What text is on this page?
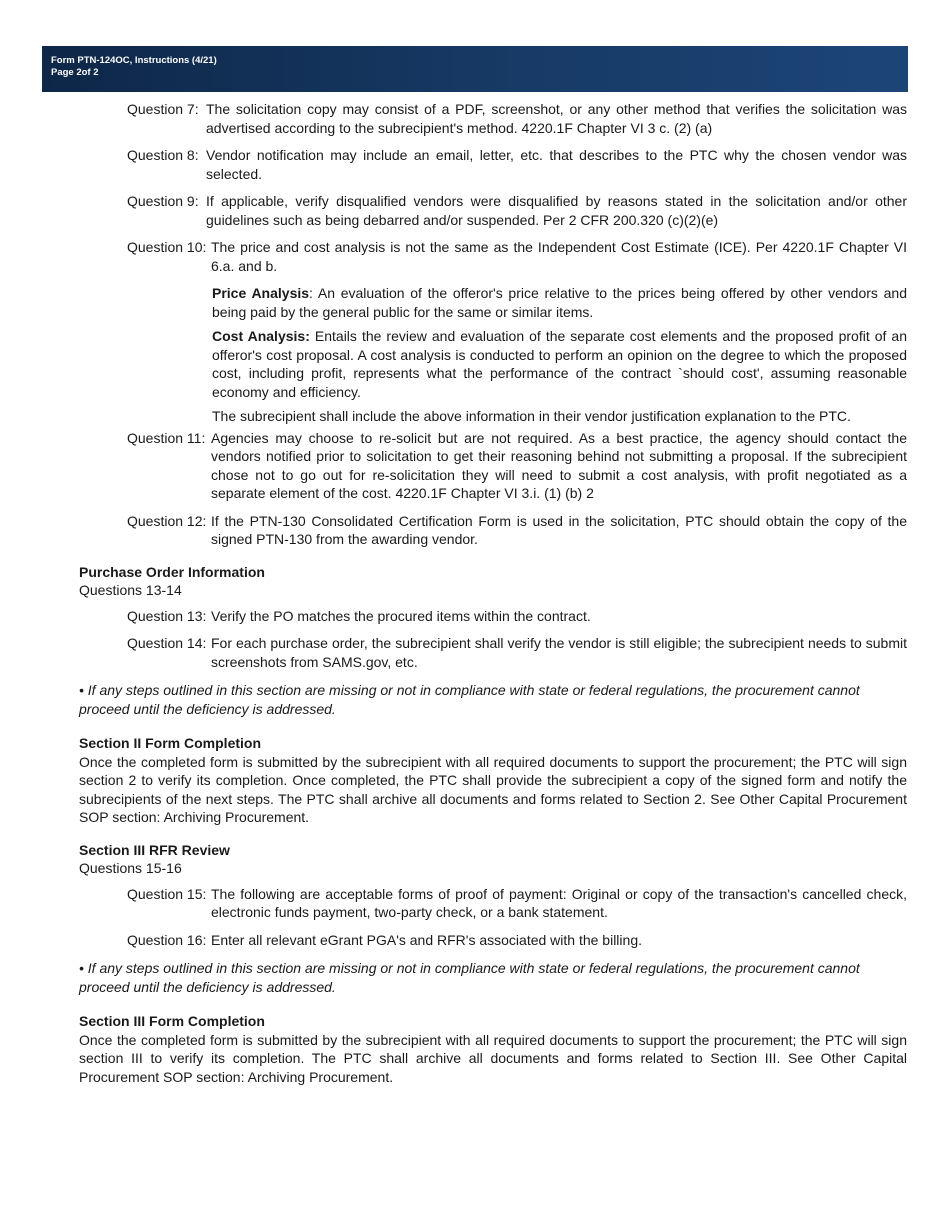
Form PTN-124OC, Instructions (4/21)
Page 2of 2
Question 7: The solicitation copy may consist of a PDF, screenshot, or any other method that verifies the solicitation was advertised according to the subrecipient's method. 4220.1F Chapter VI 3 c. (2) (a)
Question 8: Vendor notification may include an email, letter, etc. that describes to the PTC why the chosen vendor was selected.
Question 9: If applicable, verify disqualified vendors were disqualified by reasons stated in the solicitation and/or other guidelines such as being debarred and/or suspended. Per 2 CFR 200.320 (c)(2)(e)
Question 10: The price and cost analysis is not the same as the Independent Cost Estimate (ICE). Per 4220.1F Chapter VI 6.a. and b.
Price Analysis: An evaluation of the offeror's price relative to the prices being offered by other vendors and being paid by the general public for the same or similar items.
Cost Analysis: Entails the review and evaluation of the separate cost elements and the proposed profit of an offeror's cost proposal. A cost analysis is conducted to perform an opinion on the degree to which the proposed cost, including profit, represents what the performance of the contract `should cost', assuming reasonable economy and efficiency.
The subrecipient shall include the above information in their vendor justification explanation to the PTC.
Question 11: Agencies may choose to re-solicit but are not required. As a best practice, the agency should contact the vendors notified prior to solicitation to get their reasoning behind not submitting a proposal. If the subrecipient chose not to go out for re-solicitation they will need to submit a cost analysis, with profit negotiated as a separate element of the cost. 4220.1F Chapter VI 3.i. (1) (b) 2
Question 12: If the PTN-130 Consolidated Certification Form is used in the solicitation, PTC should obtain the copy of the signed PTN-130 from the awarding vendor.
Purchase Order Information
Questions 13-14
Question 13: Verify the PO matches the procured items within the contract.
Question 14: For each purchase order, the subrecipient shall verify the vendor is still eligible; the subrecipient needs to submit screenshots from SAMS.gov, etc.
• If any steps outlined in this section are missing or not in compliance with state or federal regulations, the procurement cannot proceed until the deficiency is addressed.
Section II Form Completion
Once the completed form is submitted by the subrecipient with all required documents to support the procurement; the PTC will sign section 2 to verify its completion. Once completed, the PTC shall provide the subrecipient a copy of the signed form and notify the subrecipients of the next steps. The PTC shall archive all documents and forms related to Section 2. See Other Capital Procurement SOP section: Archiving Procurement.
Section III RFR Review
Questions 15-16
Question 15: The following are acceptable forms of proof of payment: Original or copy of the transaction's cancelled check, electronic funds payment, two-party check, or a bank statement.
Question 16: Enter all relevant eGrant PGA's and RFR's associated with the billing.
• If any steps outlined in this section are missing or not in compliance with state or federal regulations, the procurement cannot proceed until the deficiency is addressed.
Section III Form Completion
Once the completed form is submitted by the subrecipient with all required documents to support the procurement; the PTC will sign section III to verify its completion. The PTC shall archive all documents and forms related to Section III. See Other Capital Procurement SOP section: Archiving Procurement.
